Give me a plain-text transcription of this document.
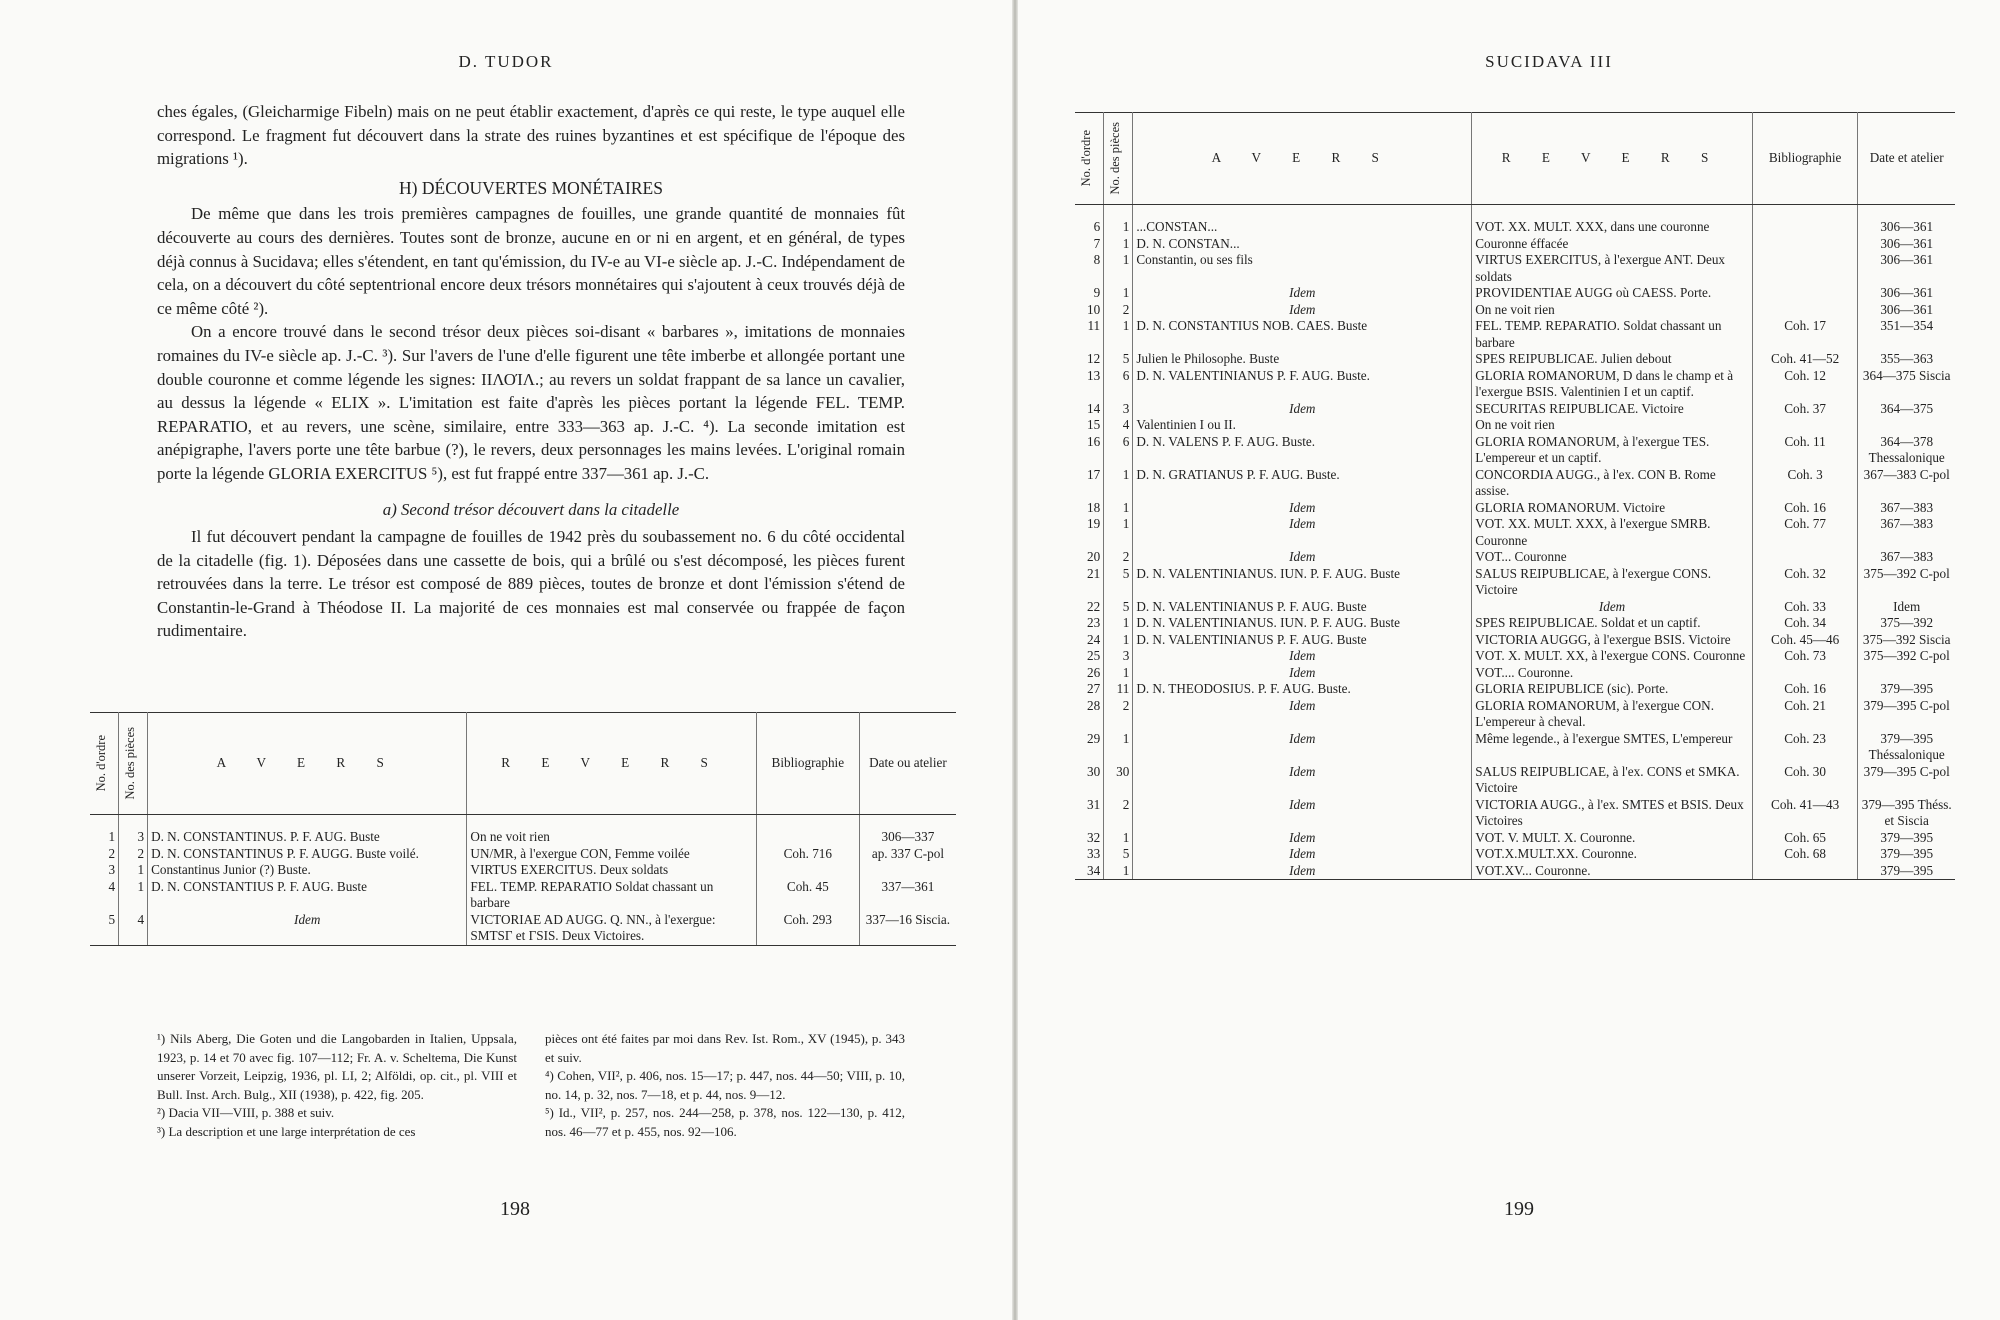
D. TUDOR

ches égales, (Gleicharmige Fibeln) mais on ne peut établir exactement, d'après ce qui reste, le type auquel elle correspond. Le fragment fut découvert dans la strate des ruines byzantines et est spécifique de l'époque des migrations ¹).

H) DÉCOUVERTES MONÉTAIRES

De même que dans les trois premières campagnes de fouilles, une grande quantité de monnaies fût découverte au cours des dernières. Toutes sont de bronze, aucune en or ni en argent, et en général, de types déjà connus à Sucidava; elles s'étendent, en tant qu'émission, du IV-e au VI-e siècle ap. J.-C. Indépendament de cela, on a découvert du côté septentrional encore deux trésors monnétaires qui s'ajoutent à ceux trouvés déjà de ce même côté ²).

On a encore trouvé dans le second trésor deux pièces soi-disant « barbares », imitations de monnaies romaines du IV-e siècle ap. J.-C. ³). Sur l'avers de l'une d'elle figurent une tête imberbe et allongée portant une double couronne et comme légende les signes: IΙΛΟΊΛ.; au revers un soldat frappant de sa lance un cavalier, au dessus la légende « ELIX ». L'imitation est faite d'après les pièces portant la légende FEL. TEMP. REPARATIO, et au revers, une scène, similaire, entre 333—363 ap. J.-C. ⁴). La seconde imitation est anépigraphe, l'avers porte une tête barbue (?), le revers, deux personnages les mains levées. L'original romain porte la légende GLORIA EXERCITUS ⁵), est fut frappé entre 337—361 ap. J.-C.

a) Second trésor découvert dans la citadelle

Il fut découvert pendant la campagne de fouilles de 1942 près du soubassement no. 6 du côté occidental de la citadelle (fig. 1). Déposées dans une cassette de bois, qui a brûlé ou s'est décomposé, les pièces furent retrouvées dans la terre. Le trésor est composé de 889 pièces, toutes de bronze et dont l'émission s'étend de Constantin-le-Grand à Théodose II. La majorité de ces monnaies est mal conservée ou frappée de façon rudimentaire.

No. d'ordre	No. des pièces	A V E R S	R E V E R S	Bibliographie	Date ou atelier

1	3	D. N. CONSTANTINUS. P. F. AUG. Buste	On ne voit rien		306—337
2	2	D. N. CONSTANTINUS P. F. AUGG. Buste voilé.	UN/MR, à l'exergue CON, Femme voilée	Coh. 716	ap. 337 C-pol
3	1	Constantinus Junior (?) Buste.	VIRTUS EXERCITUS. Deux soldats		
4	1	D. N. CONSTANTIUS P. F. AUG. Buste	FEL. TEMP. REPARATIO Soldat chassant un barbare	Coh. 45	337—361
5	4	Idem	VICTORIAE AD AUGG. Q. NN., à l'exergue: SMTSΓ et ΓSIS. Deux Victoires.	Coh. 293	337—16 Siscia.

¹) Nils Aberg, Die Goten und die Langobarden in Italien, Uppsala, 1923, p. 14 et 70 avec fig. 107—112; Fr. A. v. Scheltema, Die Kunst unserer Vorzeit, Leipzig, 1936, pl. LI, 2; Alföldi, op. cit., pl. VIII et Bull. Inst. Arch. Bulg., XII (1938), p. 422, fig. 205.

²) Dacia VII—VIII, p. 388 et suiv.

³) La description et une large interprétation de ces

pièces ont été faites par moi dans Rev. Ist. Rom., XV (1945), p. 343 et suiv.

⁴) Cohen, VII², p. 406, nos. 15—17; p. 447, nos. 44—50; VIII, p. 10, no. 14, p. 32, nos. 7—18, et p. 44, nos. 9—12.

⁵) Id., VII², p. 257, nos. 244—258, p. 378, nos. 122—130, p. 412, nos. 46—77 et p. 455, nos. 92—106.

198
SUCIDAVA III
No. d'ordre	No. des pièces	A V E R S	R E V E R S	Bibliographie	Date et atelier

6	1	...CONSTAN...	VOT. XX. MULT. XXX, dans une couronne		306—361
7	1	D. N. CONSTAN...	Couronne éffacée		306—361
8	1	Constantin, ou ses fils	VIRTUS EXERCITUS, à l'exergue ANT. Deux soldats		306—361
9	1	Idem	PROVIDENTIAE AUGG où CAESS. Porte.		306—361
10	2	Idem	On ne voit rien		306—361
11	1	D. N. CONSTANTIUS NOB. CAES. Buste	FEL. TEMP. REPARATIO. Soldat chassant un barbare	Coh. 17	351—354
12	5	Julien le Philosophe. Buste	SPES REIPUBLICAE. Julien debout	Coh. 41—52	355—363
13	6	D. N. VALENTINIANUS P. F. AUG. Buste.	GLORIA ROMANORUM, D dans le champ et à l'exergue BSIS. Valentinien I et un captif.	Coh. 12	364—375 Siscia
14	3	Idem	SECURITAS REIPUBLICAE. Victoire	Coh. 37	364—375
15	4	Valentinien I ou II.	On ne voit rien		
16	6	D. N. VALENS P. F. AUG. Buste.	GLORIA ROMANORUM, à l'exergue TES. L'empereur et un captif.	Coh. 11	364—378 Thessalonique
17	1	D. N. GRATIANUS P. F. AUG. Buste.	CONCORDIA AUGG., à l'ex. CON B. Rome assise.	Coh. 3	367—383 C-pol
18	1	Idem	GLORIA ROMANORUM. Victoire	Coh. 16	367—383
19	1	Idem	VOT. XX. MULT. XXX, à l'exergue SMRB. Couronne	Coh. 77	367—383
20	2	Idem	VOT... Couronne		367—383
21	5	D. N. VALENTINIANUS. IUN. P. F. AUG. Buste	SALUS REIPUBLICAE, à l'exergue CONS. Victoire	Coh. 32	375—392 C-pol
22	5	D. N. VALENTINIANUS P. F. AUG. Buste	Idem	Coh. 33	Idem
23	1	D. N. VALENTINIANUS. IUN. P. F. AUG. Buste	SPES REIPUBLICAE. Soldat et un captif.	Coh. 34	375—392
24	1	D. N. VALENTINIANUS P. F. AUG. Buste	VICTORIA AUGGG, à l'exergue BSIS. Victoire	Coh. 45—46	375—392 Siscia
25	3	Idem	VOT. X. MULT. XX, à l'exergue CONS. Couronne	Coh. 73	375—392 C-pol
26	1	Idem	VOT.... Couronne.		
27	11	D. N. THEODOSIUS. P. F. AUG. Buste.	GLORIA REIPUBLICE (sic). Porte.	Coh. 16	379—395
28	2	Idem	GLORIA ROMANORUM, à l'exergue CON. L'empereur à cheval.	Coh. 21	379—395 C-pol
29	1	Idem	Même legende., à l'exergue SMTES, L'empereur	Coh. 23	379—395 Théssalonique
30	30	Idem	SALUS REIPUBLICAE, à l'ex. CONS et SMKA. Victoire	Coh. 30	379—395 C-pol
31	2	Idem	VICTORIA AUGG., à l'ex. SMTES et BSIS. Deux Victoires	Coh. 41—43	379—395 Théss. et Siscia
32	1	Idem	VOT. V. MULT. X. Couronne.	Coh. 65	379—395
33	5	Idem	VOT.X.MULT.XX. Couronne.	Coh. 68	379—395
34	1	Idem	VOT.XV... Couronne.		379—395
199
